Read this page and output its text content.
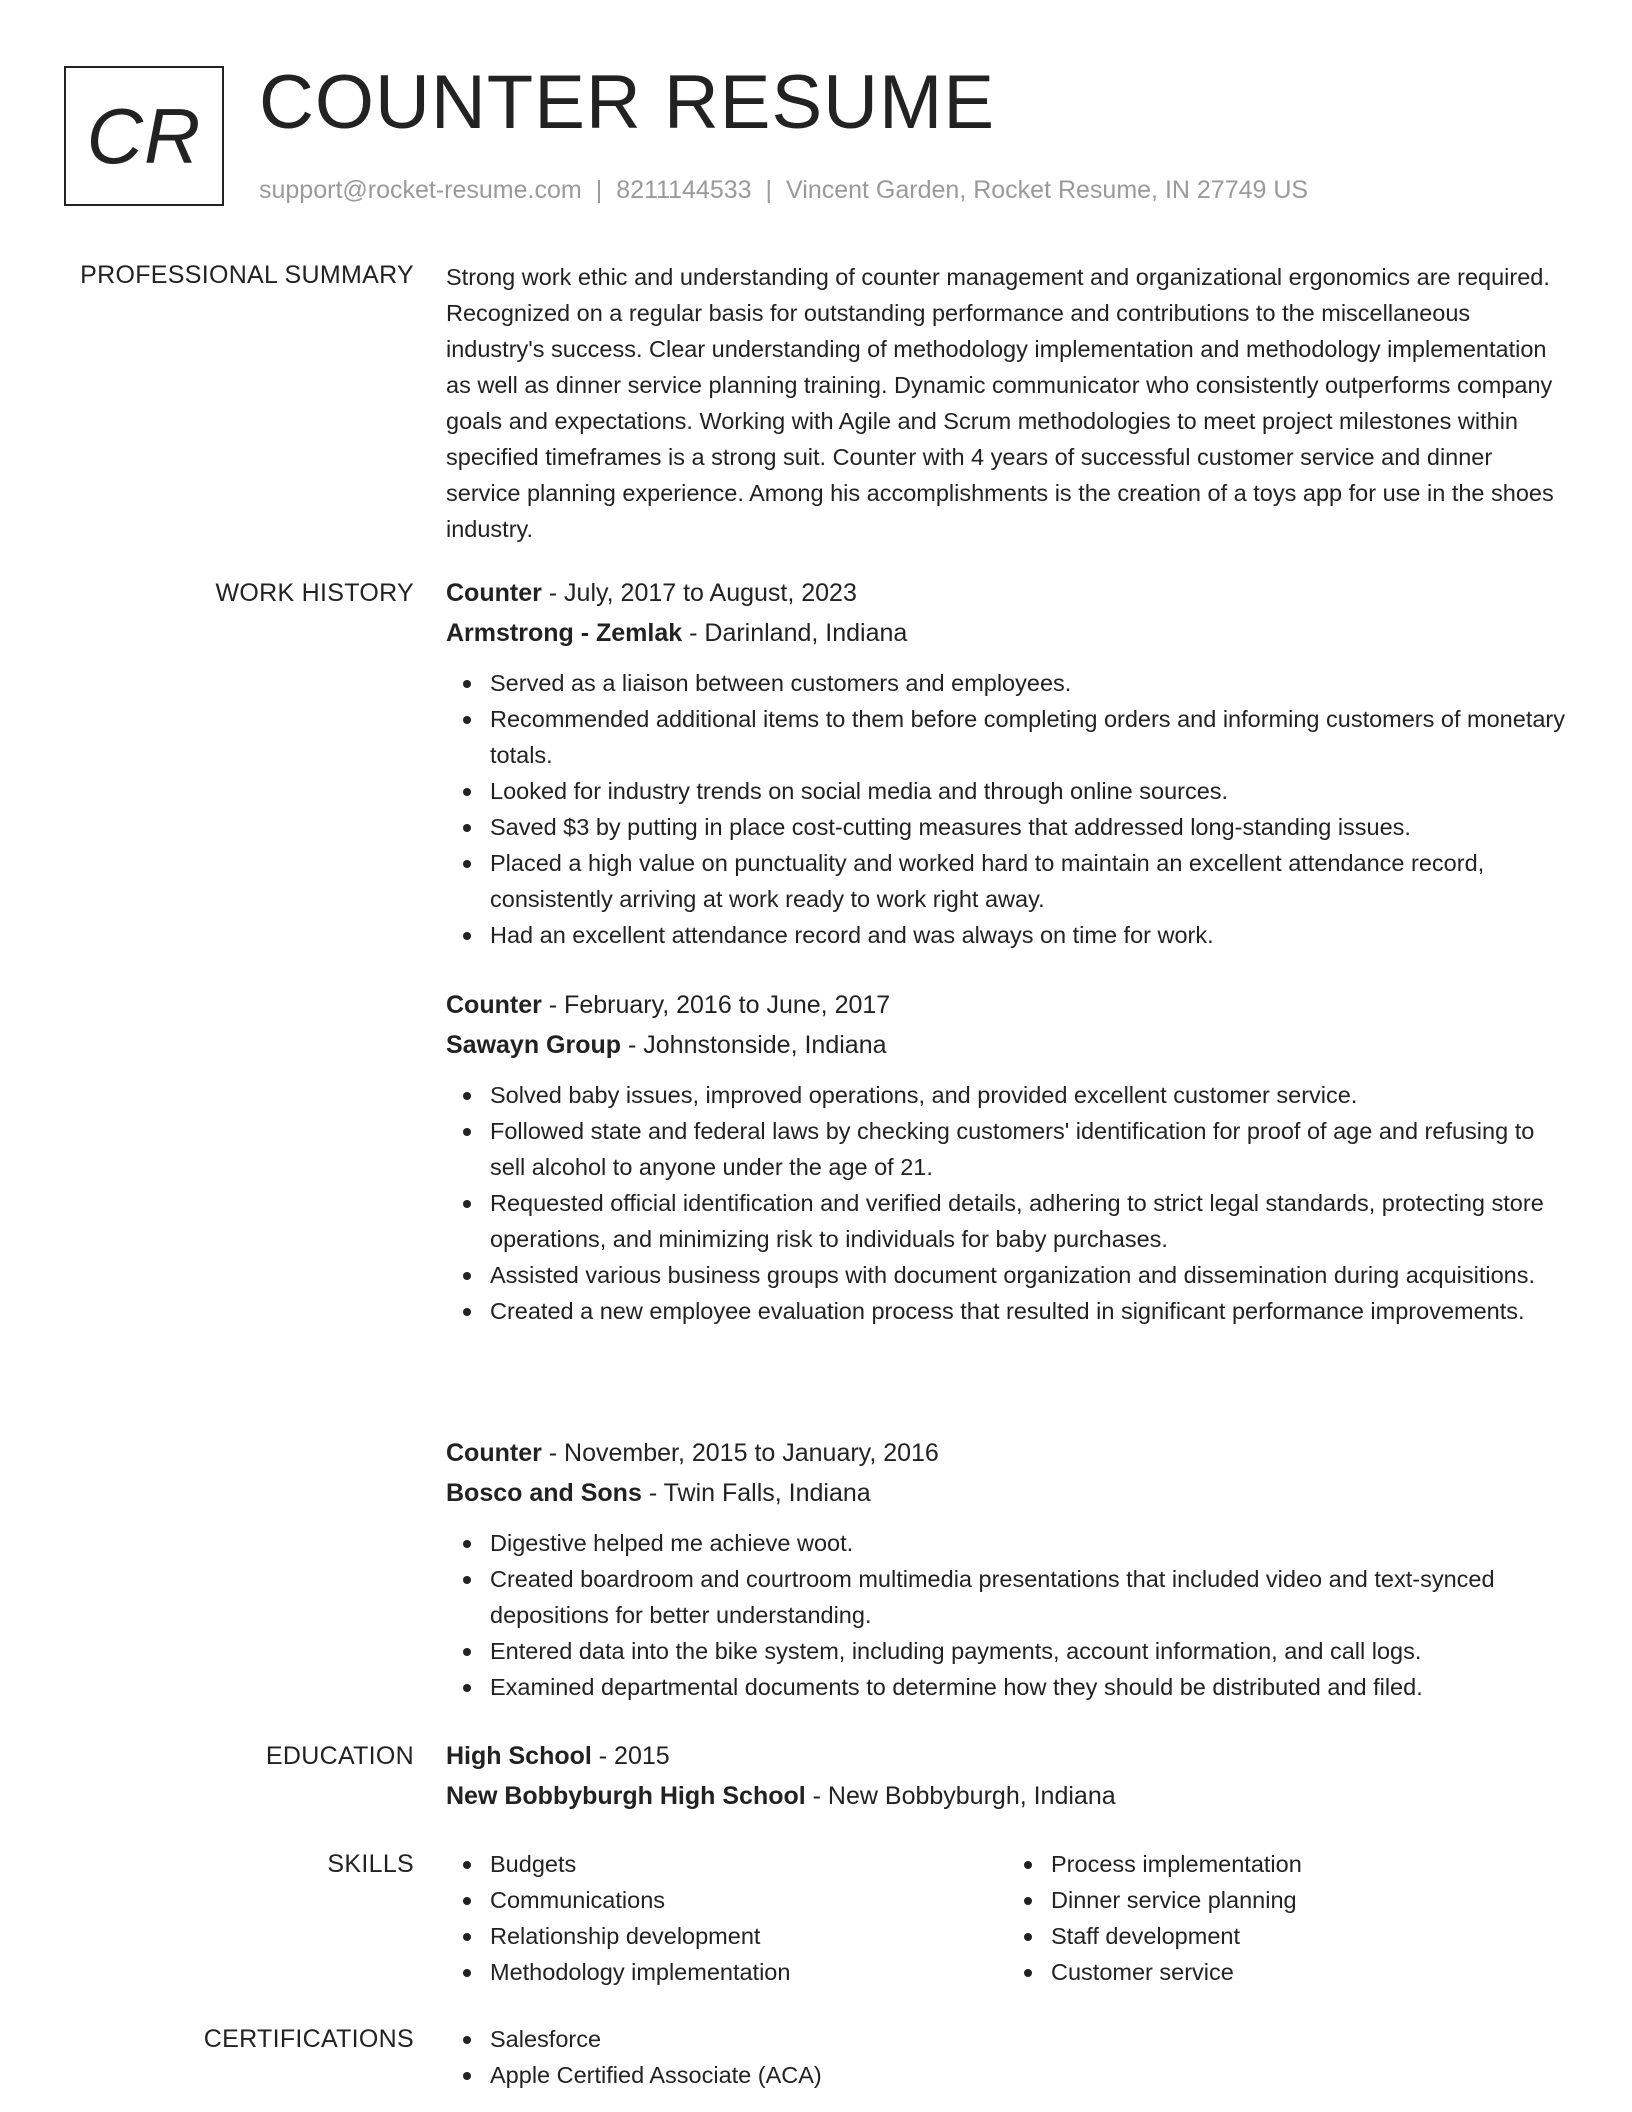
CR COUNTER RESUME
support@rocket-resume.com | 8211144533 | Vincent Garden, Rocket Resume, IN 27749 US
PROFESSIONAL SUMMARY Strong work ethic and understanding of counter management and organizational ergonomics are required. Recognized on a regular basis for outstanding performance and contributions to the miscellaneous industry's success. Clear understanding of methodology implementation and methodology implementation as well as dinner service planning training. Dynamic communicator who consistently outperforms company goals and expectations. Working with Agile and Scrum methodologies to meet project milestones within specified timeframes is a strong suit. Counter with 4 years of successful customer service and dinner service planning experience. Among his accomplishments is the creation of a toys app for use in the shoes industry.
WORK HISTORY Counter - July, 2017 to August, 2023
Armstrong - Zemlak - Darinland, Indiana
Served as a liaison between customers and employees.
Recommended additional items to them before completing orders and informing customers of monetary totals.
Looked for industry trends on social media and through online sources.
Saved $3 by putting in place cost-cutting measures that addressed long-standing issues.
Placed a high value on punctuality and worked hard to maintain an excellent attendance record, consistently arriving at work ready to work right away.
Had an excellent attendance record and was always on time for work.
Counter - February, 2016 to June, 2017
Sawayn Group - Johnstonside, Indiana
Solved baby issues, improved operations, and provided excellent customer service.
Followed state and federal laws by checking customers' identification for proof of age and refusing to sell alcohol to anyone under the age of 21.
Requested official identification and verified details, adhering to strict legal standards, protecting store operations, and minimizing risk to individuals for baby purchases.
Assisted various business groups with document organization and dissemination during acquisitions.
Created a new employee evaluation process that resulted in significant performance improvements.
Counter - November, 2015 to January, 2016
Bosco and Sons - Twin Falls, Indiana
Digestive helped me achieve woot.
Created boardroom and courtroom multimedia presentations that included video and text-synced depositions for better understanding.
Entered data into the bike system, including payments, account information, and call logs.
Examined departmental documents to determine how they should be distributed and filed.
EDUCATION High School - 2015
New Bobbyburgh High School - New Bobbyburgh, Indiana
SKILLS	Budgets
Communications
Relationship development
Methodology implementation
Process implementation
Dinner service planning
Staff development
Customer service
CERTIFICATIONS	Salesforce
Apple Certified Associate (ACA)
